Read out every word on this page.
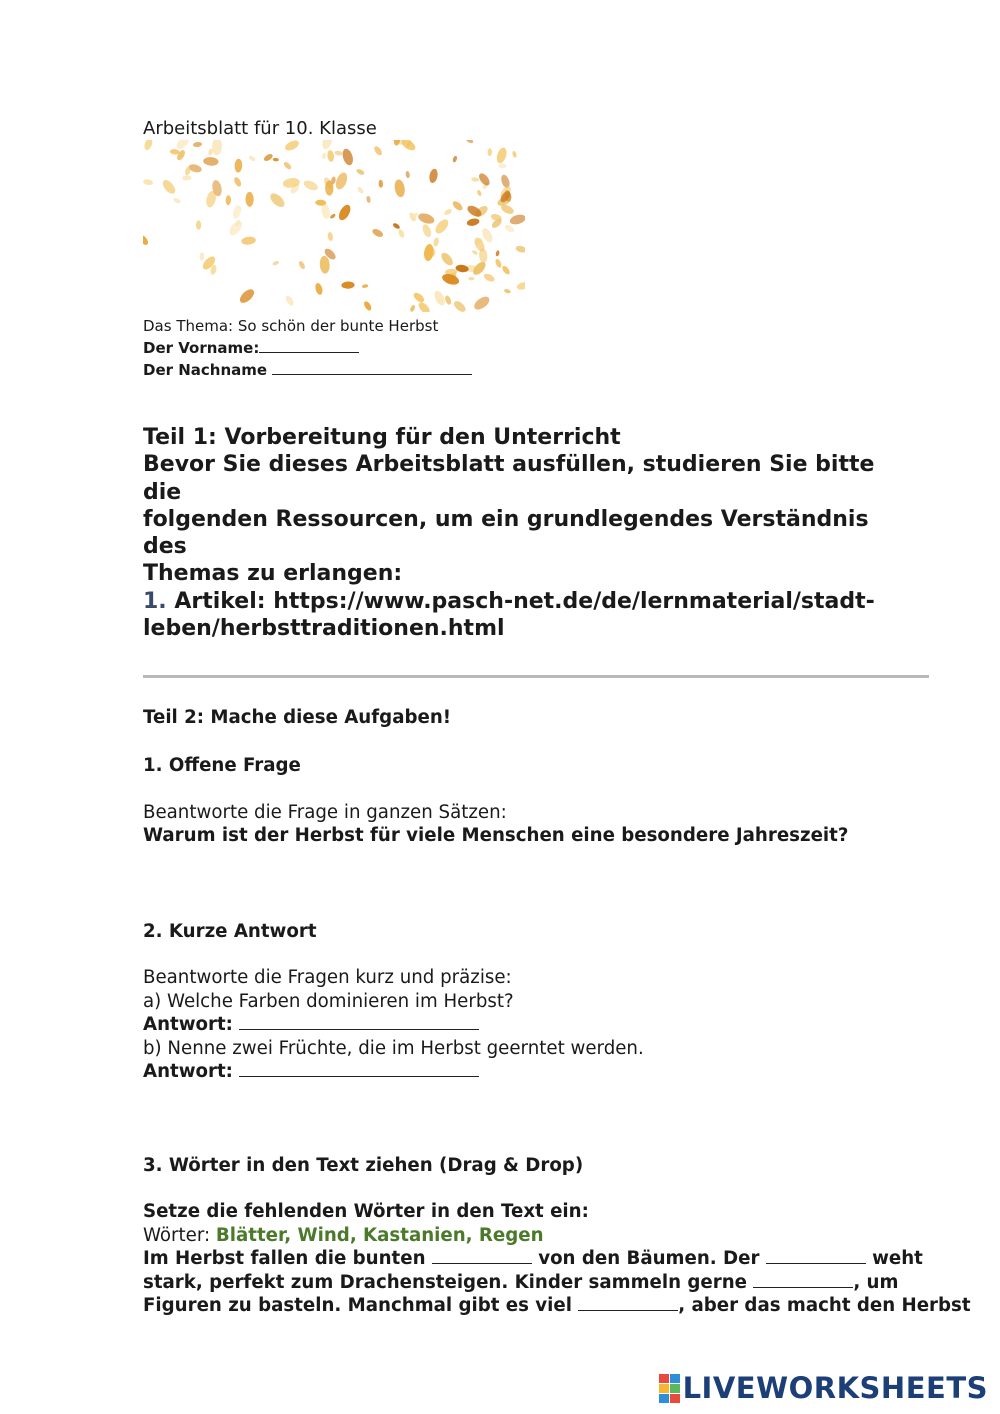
Arbeitsblatt für 10. Klasse
Das Thema: So schön der bunte Herbst
Der Vorname:
Der Nachname
Teil 1: Vorbereitung für den Unterricht
Bevor Sie dieses Arbeitsblatt ausfüllen, studieren Sie bitte die
folgenden Ressourcen, um ein grundlegendes Verständnis des
Themas zu erlangen:
1. Artikel: https://www.pasch-net.de/de/lernmaterial/stadt-
leben/herbsttraditionen.html
Teil 2: Mache diese Aufgaben!
1. Offene Frage
Beantworte die Frage in ganzen Sätzen:
Warum ist der Herbst für viele Menschen eine besondere Jahreszeit?
2. Kurze Antwort
Beantworte die Fragen kurz und präzise:
a) Welche Farben dominieren im Herbst?
Antwort:
b) Nenne zwei Früchte, die im Herbst geerntet werden.
Antwort:
3. Wörter in den Text ziehen (Drag & Drop)
Setze die fehlenden Wörter in den Text ein:
Wörter: Blätter, Wind, Kastanien, Regen
Im Herbst fallen die bunten	von den Bäumen. Der	weht
stark, perfekt zum Drachensteigen. Kinder sammeln gerne	, um
Figuren zu basteln. Manchmal gibt es viel	, aber das macht den Herbst
LIVEWORKSHEETS
